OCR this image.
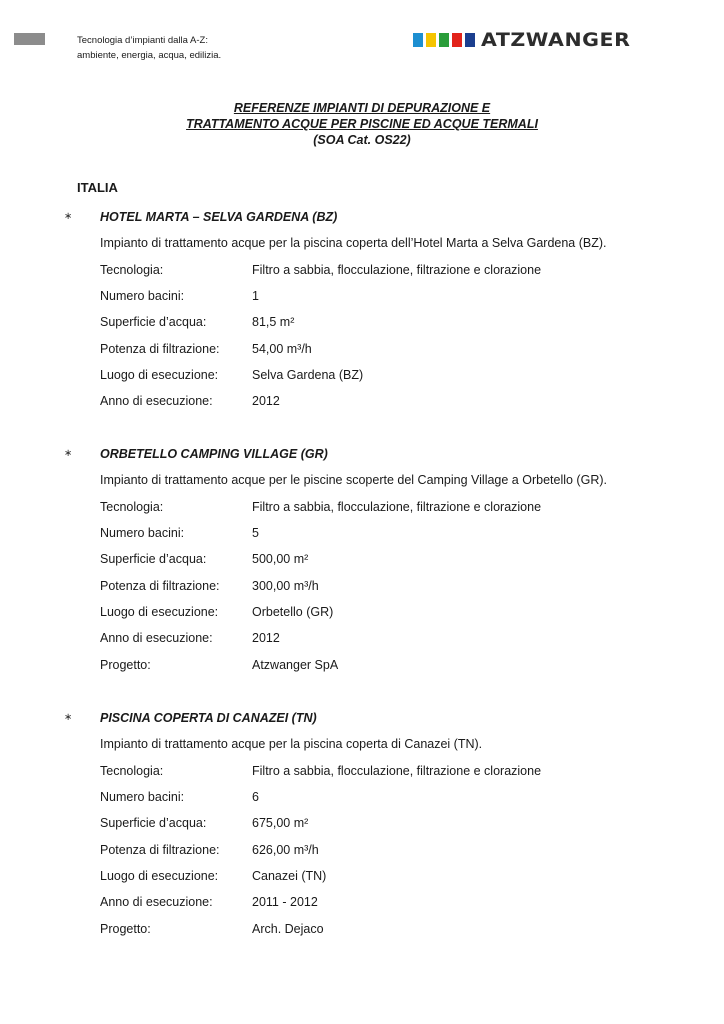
Tecnologia d’impianti dalla A-Z:
ambiente, energia, acqua, edilizia.
ATZWANGER
REFERENZE IMPIANTI DI DEPURAZIONE E
TRATTAMENTO ACQUE PER PISCINE ED ACQUE TERMALI
(SOA Cat. OS22)
ITALIA
∗ HOTEL MARTA – SELVA GARDENA (BZ)
Impianto di trattamento acque per la piscina coperta dell’Hotel Marta a Selva Gardena (BZ).
Tecnologia:	Filtro a sabbia, flocculazione, filtrazione e clorazione
Numero bacini:	1
Superficie d’acqua:	81,5 m²
Potenza di filtrazione:	54,00 m³/h
Luogo di esecuzione:	Selva Gardena (BZ)
Anno di esecuzione:	2012
∗ ORBETELLO CAMPING VILLAGE (GR)
Impianto di trattamento acque per le piscine scoperte del Camping Village a Orbetello (GR).
Tecnologia:	Filtro a sabbia, flocculazione, filtrazione e clorazione
Numero bacini:	5
Superficie d’acqua:	500,00 m²
Potenza di filtrazione:	300,00 m³/h
Luogo di esecuzione:	Orbetello (GR)
Anno di esecuzione:	2012
Progetto:	Atzwanger SpA
∗ PISCINA COPERTA DI CANAZEI (TN)
Impianto di trattamento acque per la piscina coperta di Canazei (TN).
Tecnologia:	Filtro a sabbia, flocculazione, filtrazione e clorazione
Numero bacini:	6
Superficie d’acqua:	675,00 m²
Potenza di filtrazione:	626,00 m³/h
Luogo di esecuzione:	Canazei (TN)
Anno di esecuzione:	2011 - 2012
Progetto:	Arch. Dejaco
